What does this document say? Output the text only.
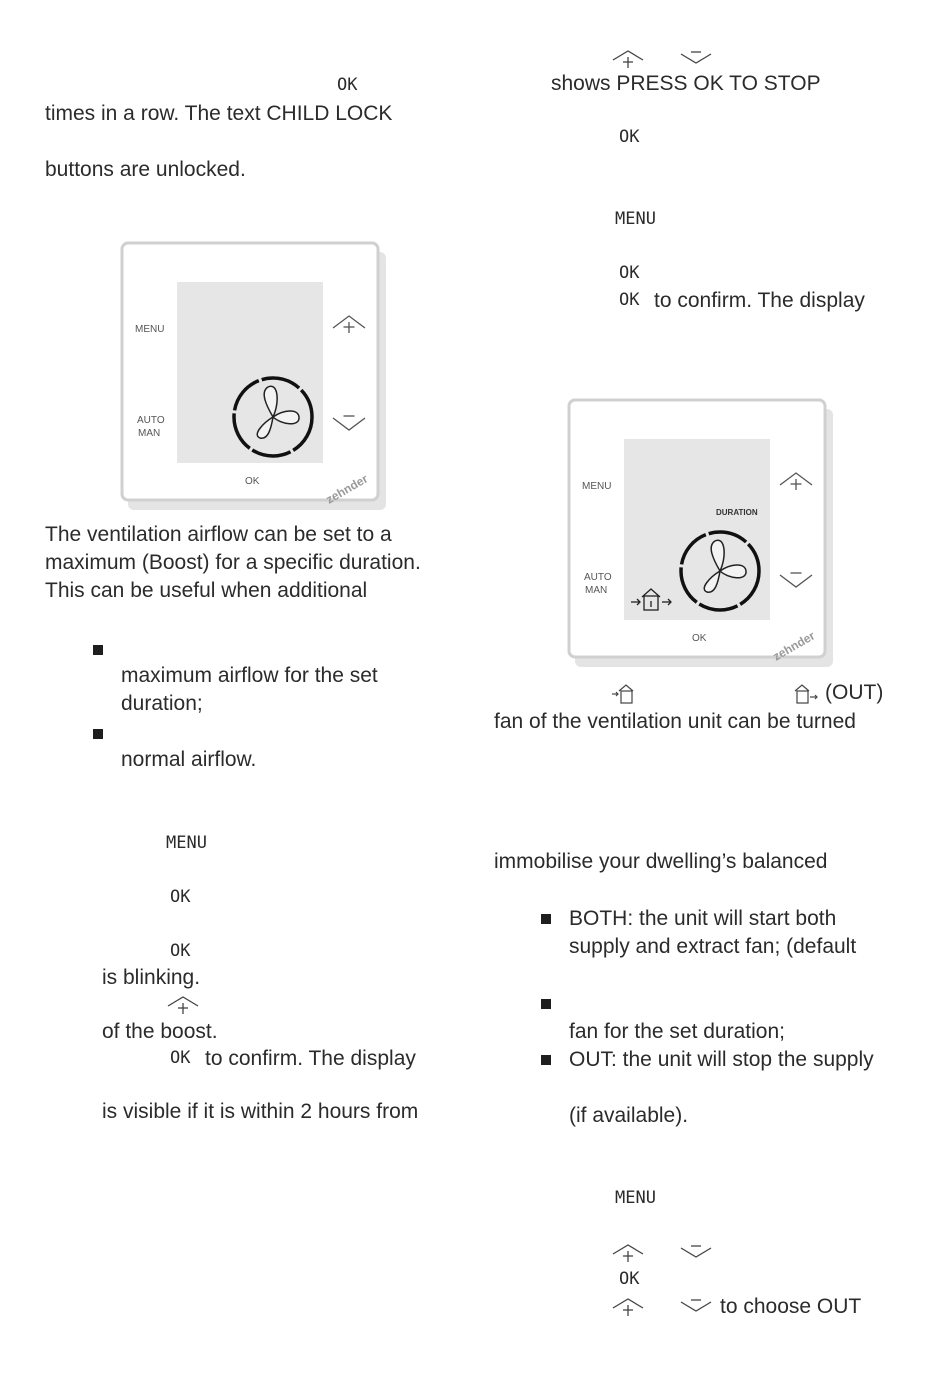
OK
times in a row. The text CHILD LOCK
buttons are unlocked.
MENU
AUTO
MAN
OK	zehnder
The ventilation airflow can be set to a
maximum (Boost) for a specific duration.
This can be useful when additional
maximum airflow for the set
duration;
normal airflow.
MENU
OK
OK
is blinking.
of the boost.
OK to confirm. The display
is visible if it is within 2 hours from
shows PRESS OK TO STOP
OK
MENU
OK
OK to confirm. The display
MENU
AUTO
MAN
OK	zehnder
DURATION
(OUT)
fan of the ventilation unit can be turned
immobilise your dwelling’s balanced
BOTH: the unit will start both
supply and extract fan; (default
fan for the set duration;
OUT: the unit will stop the supply
(if available).
MENU
OK
to choose OUT
